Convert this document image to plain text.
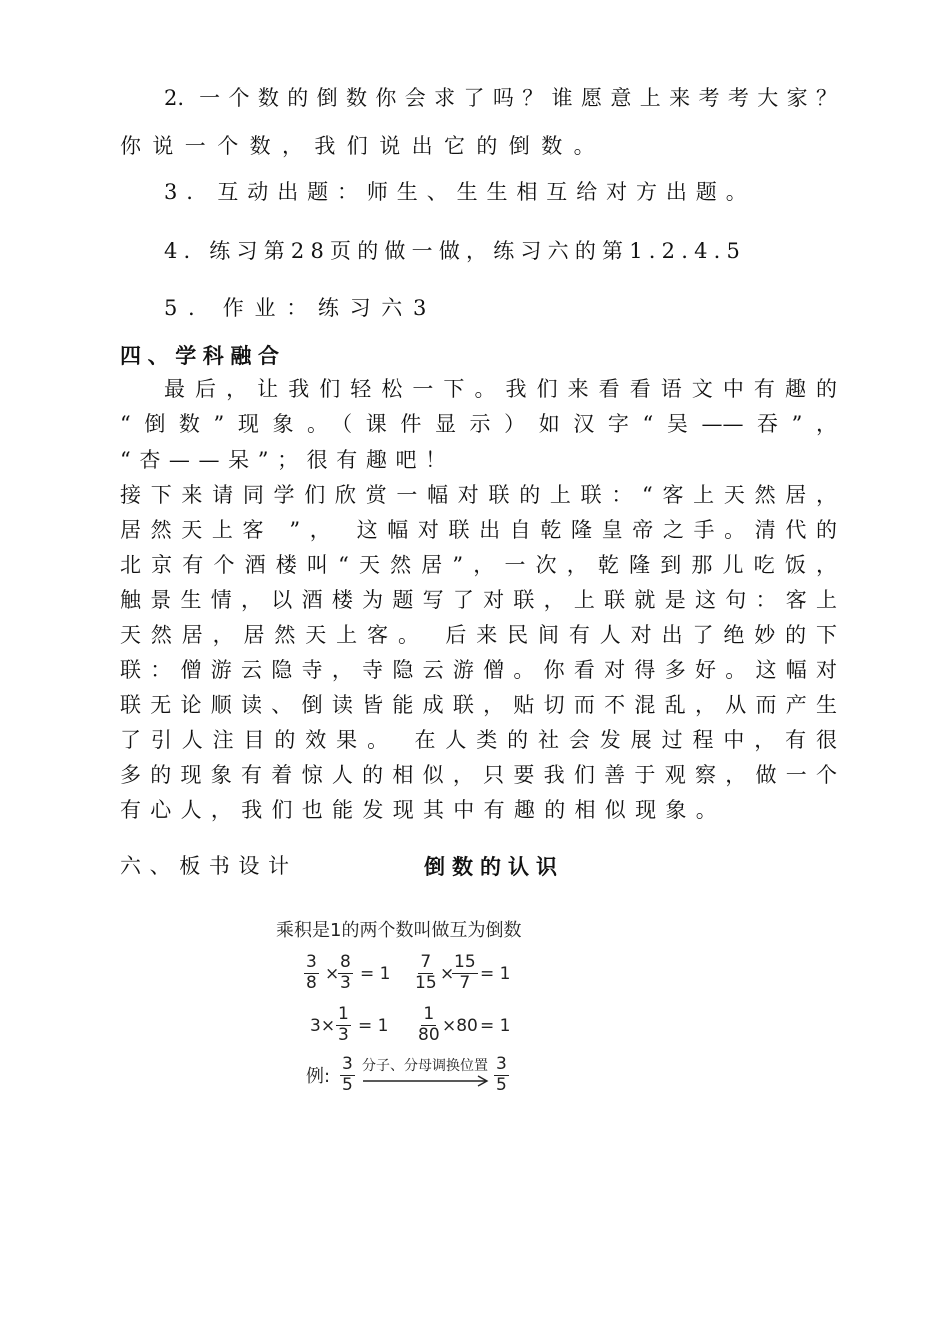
2. 一个数的倒数你会求了吗？谁愿意上来考考大家？
你说一个数，我们说出它的倒数。
3. 互动出题：师生、生生相互给对方出题。
4. 练习第28页的做一做，练习六的第1.2.4.5
5. 作业：练习六3
四、学科融合
最后，让我们轻松一下。我们来看看语文中有趣的
“倒数”现象。（课件显示）如汉字“吴——吞”，
“杏——呆”；很有趣吧！
接下来请同学们欣赏一幅对联的上联：“客上天然居，
居然天上客 ”， 这幅对联出自乾隆皇帝之手。清代的
北京有个酒楼叫“天然居”，一次，乾隆到那儿吃饭，
触景生情，以酒楼为题写了对联，上联就是这句：客上
天然居，居然天上客。 后来民间有人对出了绝妙的下
联：僧游云隐寺，寺隐云游僧。你看对得多好。这幅对
联无论顺读、倒读皆能成联，贴切而不混乱，从而产生
了引人注目的效果。 在人类的社会发展过程中，有很
多的现象有着惊人的相似，只要我们善于观察，做一个
有心人，我们也能发现其中有趣的相似现象。
六、板书设计	倒数的认识
乘积是1的两个数叫做互为倒数
$\frac{3}{8}$ ×
$\frac{8}{3} = 1 \frac{7}{15}$ ×
$\frac{15}{7} = 1$
$3\times \frac{1}{3} = 1 \frac{1}{80} \times 80 = 1$
例: $\frac{3}{5}$ 分子、分母调换位置 $\frac{3}{5}$
